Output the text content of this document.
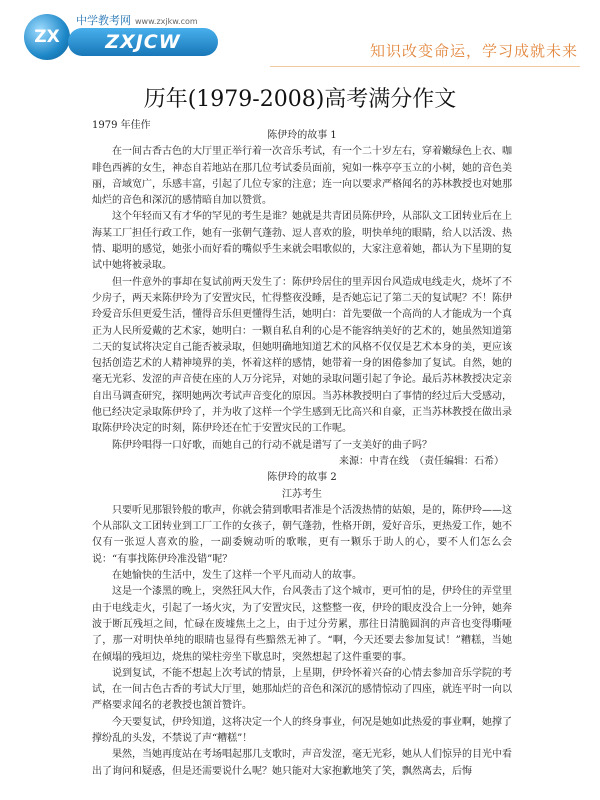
ZX
中学教考网 www.zxjkw.com
ZXJCW	知识改变命运，学习成就未来
历年(1979-2008)高考满分作文
1979 年佳作

陈伊玲的故事 1

在一间古香古色的大厅里正举行着一次音乐考试，有一个二十岁左右，穿着嫩绿色上衣、咖啡色西裤的女生，神态自若地站在那几位考试委员面前，宛如一株亭亭玉立的小树，她的音色美丽，音域宽广，乐感丰富，引起了几位专家的注意；连一向以要求严格闻名的苏林教授也对她那灿烂的音色和深沉的感情暗自加以赞赏。

这个年轻而又有才华的罕见的考生是谁？她就是共青团员陈伊玲，从部队文工团转业后在上海某工厂担任行政工作，她有一张朝气蓬勃、逗人喜欢的脸，明快单纯的眼睛，给人以活泼、热情、聪明的感觉，她张小而好看的嘴似乎生来就会唱歌似的，大家注意着她，都认为下星期的复试中她将被录取。

但一件意外的事却在复试前两天发生了：陈伊玲居住的里弄因台风造成电线走火，烧坏了不少房子，两天来陈伊玲为了安置灾民，忙得整夜没睡，是否她忘记了第二天的复试呢？不！陈伊玲爱音乐但更爱生活，懂得音乐但更懂得生活，她明白：首先要做一个高尚的人才能成为一个真正为人民所爱戴的艺术家，她明白：一颗自私自利的心是不能容纳美好的艺术的，她虽然知道第二天的复试将决定自己能否被录取，但她明确地知道艺术的风格不仅仅是艺术本身的美，更应该包括创造艺术的人精神境界的美，怀着这样的感情，她带着一身的困倦参加了复试。自然，她的毫无光彩、发涩的声音使在座的人万分诧异，对她的录取问题引起了争论。最后苏林教授决定亲自出马调查研究，探明她两次考试声音变化的原因。当苏林教授明白了事情的经过后大受感动，他已经决定录取陈伊玲了，并为收了这样一个学生感到无比高兴和自豪，正当苏林教授在做出录取陈伊玲决定的时刻，陈伊玲还在忙于安置灾民的工作呢。

陈伊玲唱得一口好歌，而她自己的行动不就是谱写了一支美好的曲子吗？

来源：中青在线　（责任编辑：石希）

陈伊玲的故事 2

江苏考生

只要听见那银铃般的歌声，你就会猜到歌唱者准是个活泼热情的姑娘，是的，陈伊玲——这个从部队文工团转业到工厂工作的女孩子，朝气蓬勃，性格开朗，爱好音乐，更热爱工作，她不仅有一张逗人喜欢的脸，一副委婉动听的歌喉，更有一颗乐于助人的心，要不人们怎么会说：“有事找陈伊玲准没错”呢？

在她愉快的生活中，发生了这样一个平凡而动人的故事。

这是一个漆黑的晚上，突然狂风大作，台风袭击了这个城市，更可怕的是，伊玲住的弄堂里由于电线走火，引起了一场火灾，为了安置灾民，这整整一夜，伊玲的眼皮没合上一分钟，她奔波于断瓦残垣之间，忙碌在废墟焦土之上，由于过分劳累，那往日清脆圆润的声音也变得嘶哑了，那一对明快单纯的眼睛也显得有些黯然无神了。“啊，今天还要去参加复试！”糟糕，当她在倾塌的残垣边，烧焦的梁柱旁坐下歇息时，突然想起了这件重要的事。

说到复试，不能不想起上次考试的情景，上星期，伊玲怀着兴奋的心情去参加音乐学院的考试，在一间古色古香的考试大厅里，她那灿烂的音色和深沉的感情惊动了四座，就连平时一向以严格要求闻名的老教授也颔首赞许。

今天要复试，伊玲知道，这将决定一个人的终身事业，何况是她如此热爱的事业啊，她撑了撑纷乱的头发，不禁说了声“糟糕”！

果然，当她再度站在考场唱起那几支歌时，声音发涩，毫无光彩，她从人们惊异的目光中看出了询问和疑惑，但是还需要说什么呢？她只能对大家抱歉地笑了笑，飘然离去，后悔
